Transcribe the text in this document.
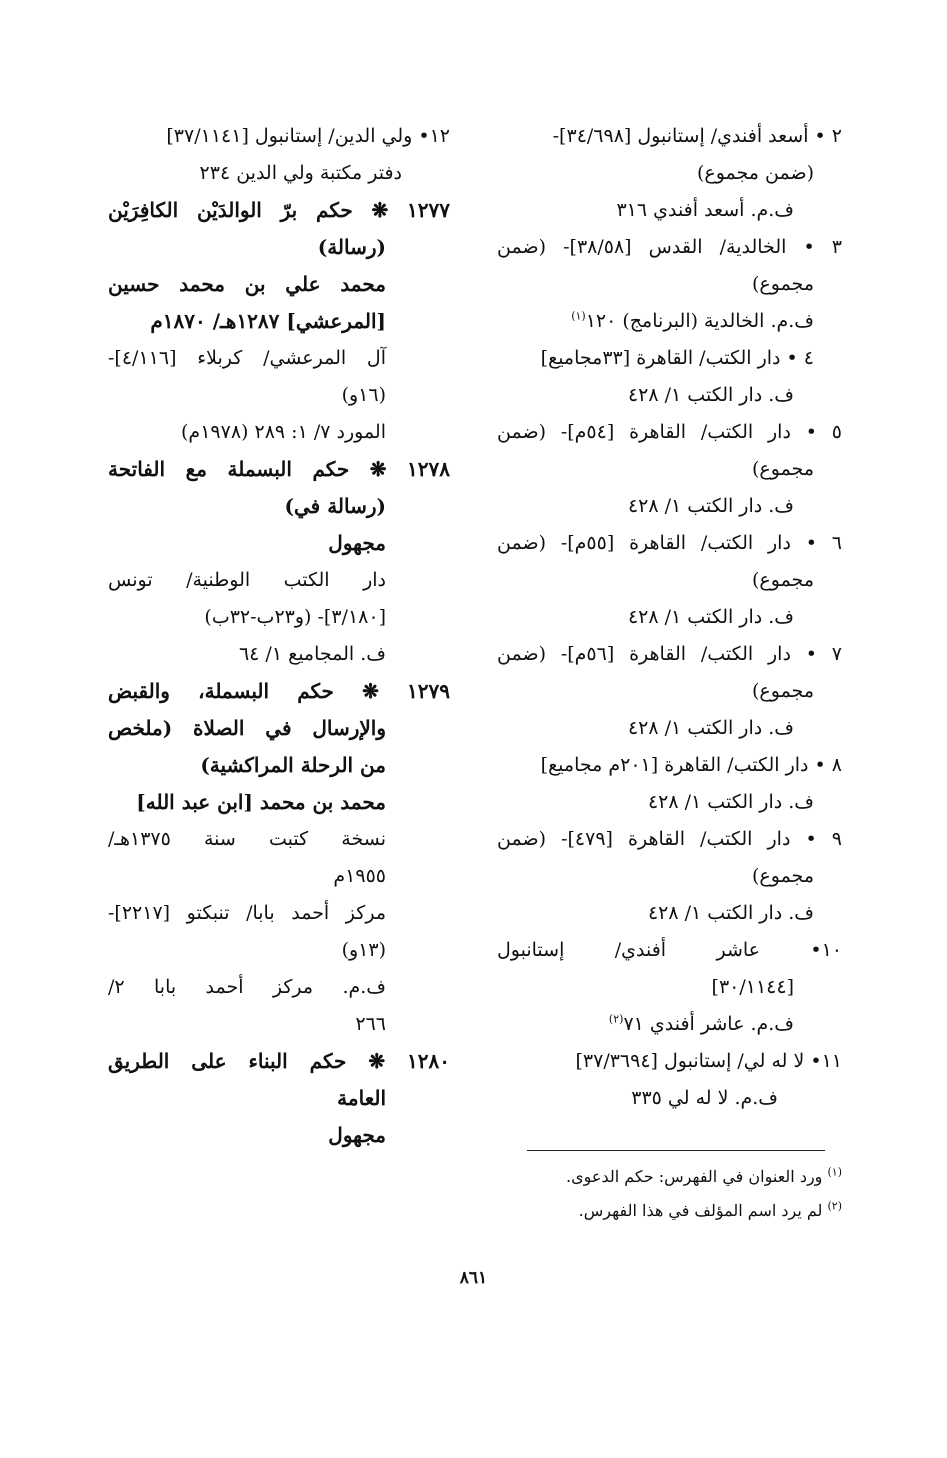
٢ • أسعد أفندي/ إستانبول [٣٤/٦٩٨]-
(ضمن مجموع)
ف.م. أسعد أفندي ٣١٦
٣ • الخالدية/ القدس [٣٨/٥٨]- (ضمن
مجموع)
ف.م. الخالدية (البرنامج) ١٢٠$^{(١)}$
٤ • دار الكتب/ القاهرة [٣٣مجاميع]
ف. دار الكتب ١/ ٤٢٨
٥ • دار الكتب/ القاهرة [٥٤م]- (ضمن
مجموع)
ف. دار الكتب ١/ ٤٢٨
٦ • دار الكتب/ القاهرة [٥٥م]- (ضمن
مجموع)
ف. دار الكتب ١/ ٤٢٨
٧ • دار الكتب/ القاهرة [٥٦م]- (ضمن
مجموع)
ف. دار الكتب ١/ ٤٢٨
٨ • دار الكتب/ القاهرة [٢٠١م مجاميع]
ف. دار الكتب ١/ ٤٢٨
٩ • دار الكتب/ القاهرة [٤٧٩]- (ضمن
مجموع)
ف. دار الكتب ١/ ٤٢٨
١٠• عاشر أفندي/ إستانبول
[٣٠/١١٤٤]
ف.م. عاشر أفندي ٧١$^{(٢)}$
١١• لا له لي/ إستانبول [٣٧/٣٦٩٤]
ف.م. لا له لي ٣٣٥
١٢• ولي الدين/ إستانبول [٣٧/١١٤١]
دفتر مكتبة ولي الدين ٢٣٤
١٢٧٧ ❋ حكم برّ الوالدَيْن الكافِرَيْن
(رسالة)
محمد علي بن محمد حسين
[المرعشي] ١٢٨٧هـ/ ١٨٧٠م
آل المرعشي/ كربلاء [٤/١١٦]-
(١٦و)
المورد ٧/ ١: ٢٨٩ (١٩٧٨م)
١٢٧٨ ❋ حكم البسملة مع الفاتحة
(رسالة في)
مجهول
دار الكتب الوطنية/ تونس
[٣/١٨٠]- (و٢٣ب-٣٢ب)
ف. المجاميع ١/ ٦٤
١٢٧٩ ❋ حكم البسملة، والقبض
والإرسال في الصلاة (ملخص
من الرحلة المراكشية)
محمد بن محمد [ابن عبد الله]
نسخة كتبت سنة ١٣٧٥هـ/
١٩٥٥م
مركز أحمد بابا/ تنبكتو [٢٢١٧]-
(١٣و)
ف.م. مركز أحمد بابا ٢/
٢٦٦
١٢٨٠ ❋ حكم البناء على الطريق
العامة
مجهول
$^{(١)}$ ورد العنوان في الفهرس: حكم الدعوى.
$^{(٢)}$ لم يرد اسم المؤلف في هذا الفهرس.
٨٦١
